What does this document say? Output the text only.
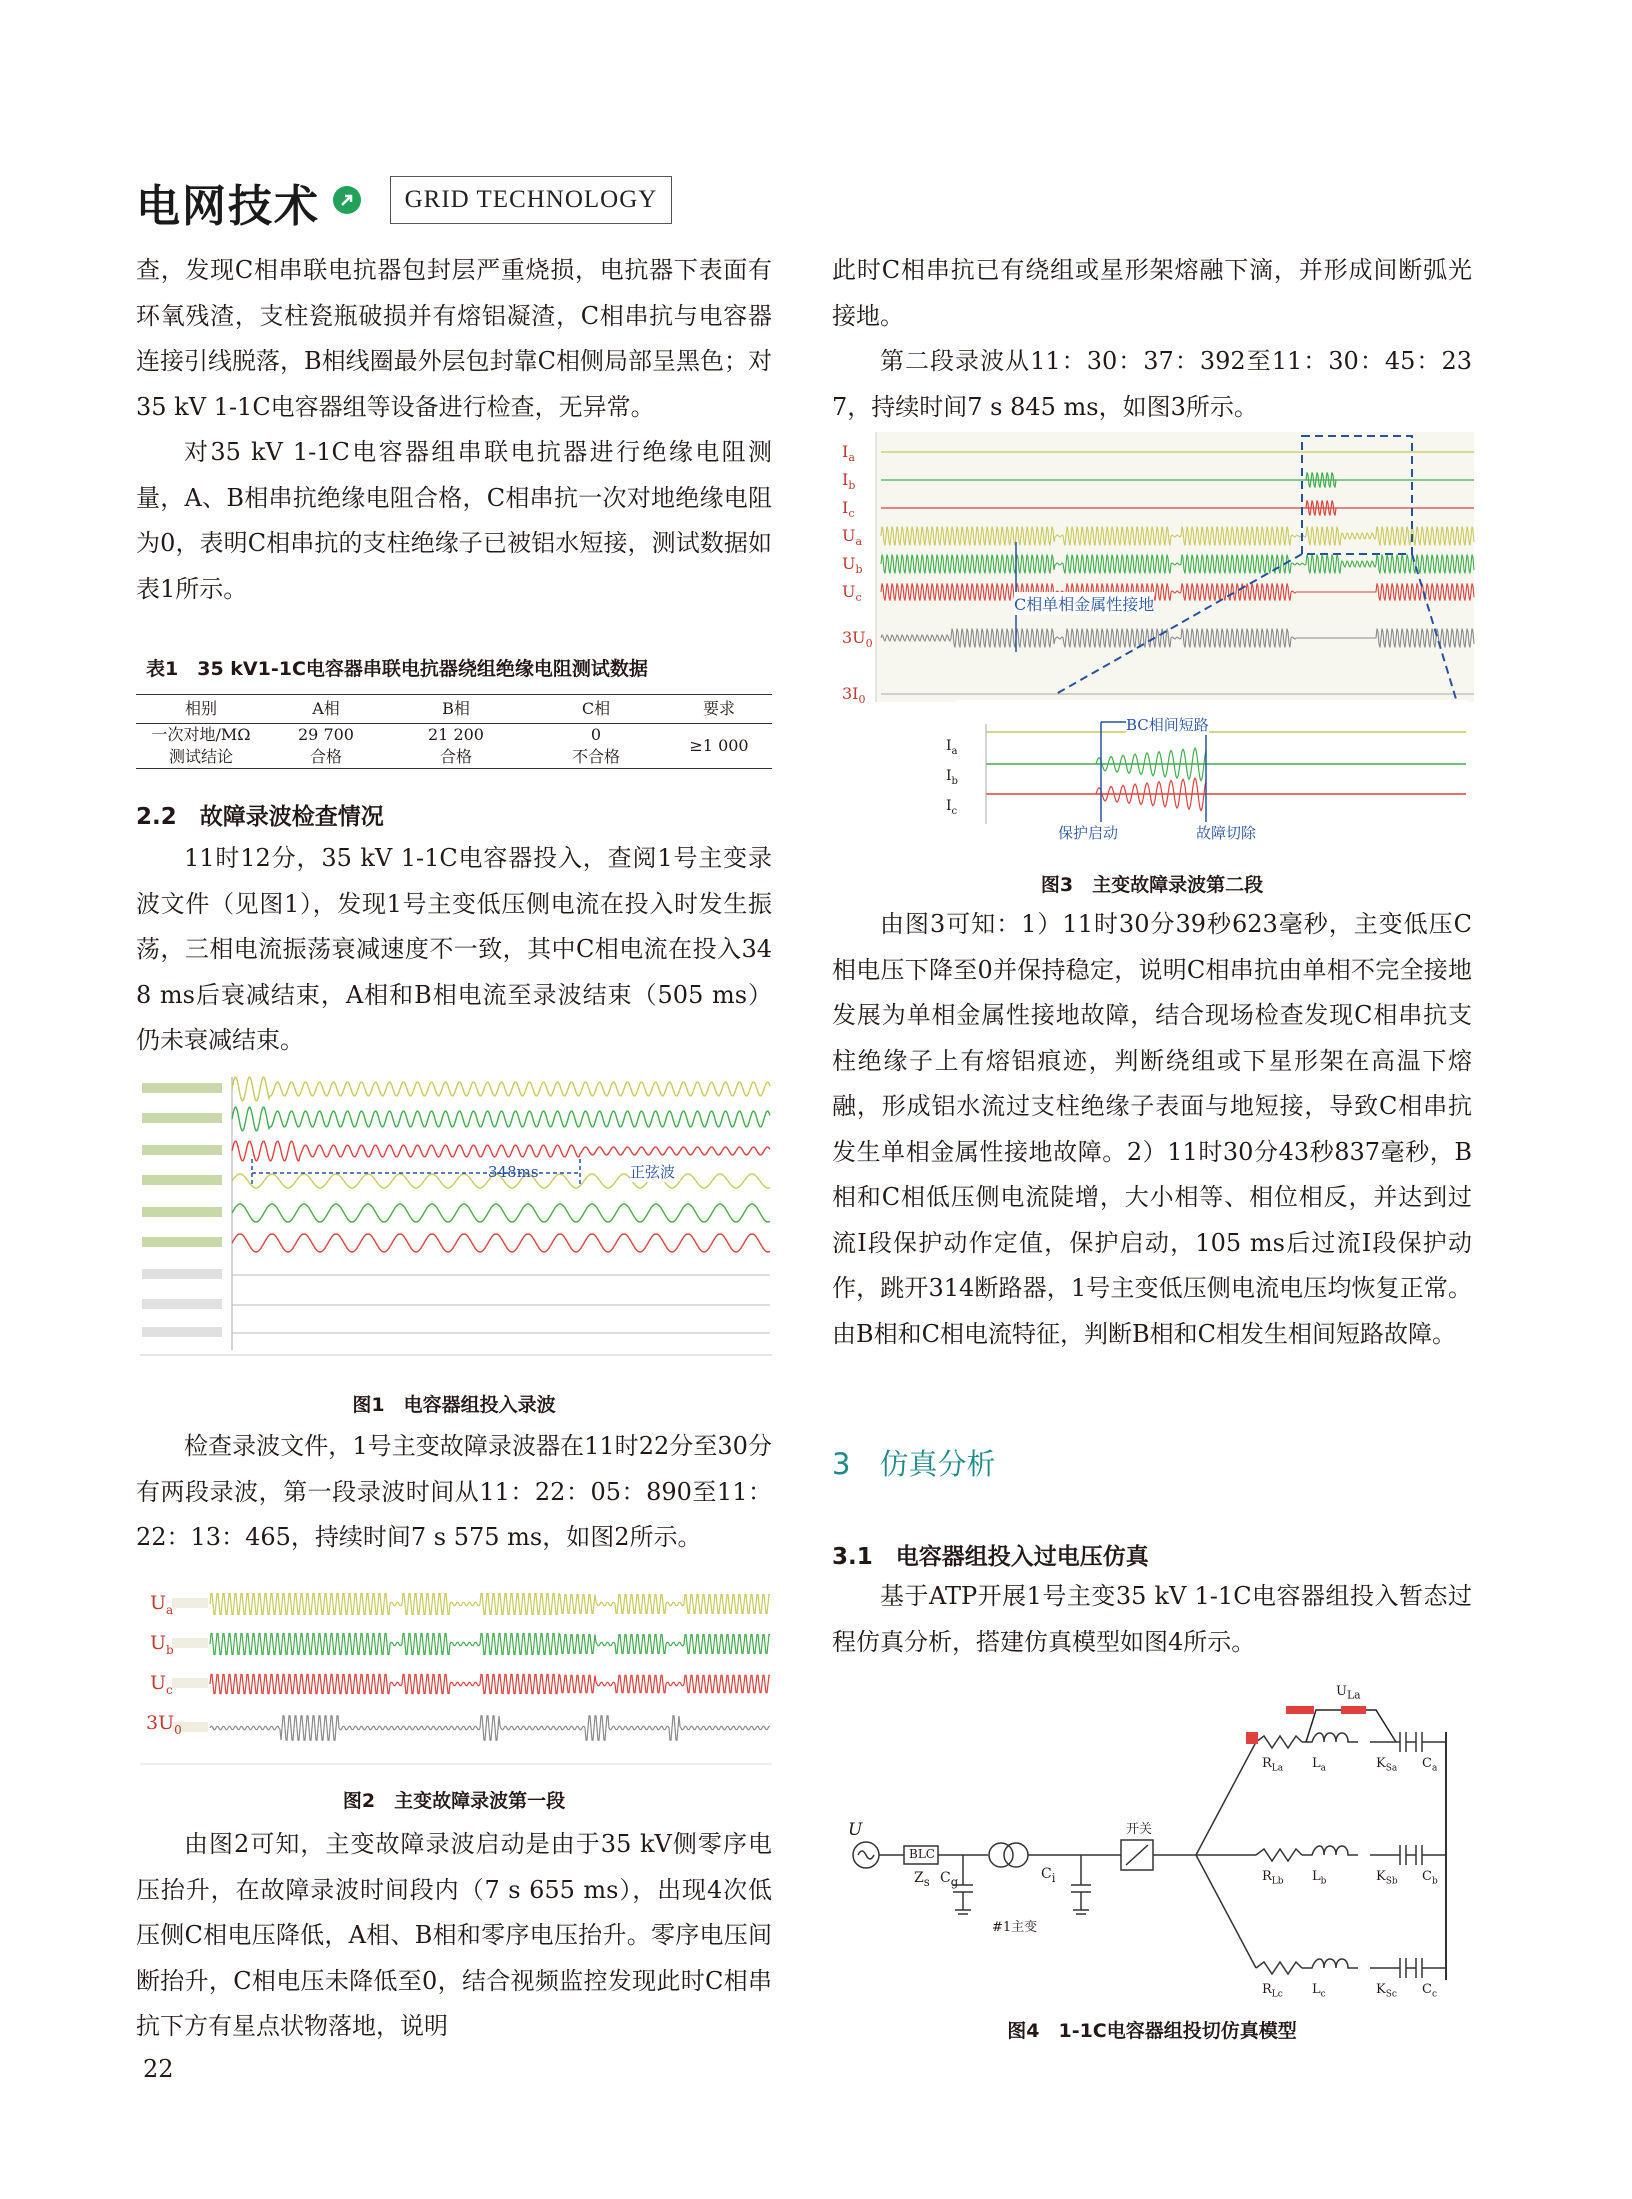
电网技术	GRID TECHNOLOGY

查，发现C相串联电抗器包封层严重烧损，电抗器下表面有环氧残渣，支柱瓷瓶破损并有熔铝凝渣，C相串抗与电容器连接引线脱落，B相线圈最外层包封靠C相侧局部呈黑色；对35 kV 1-1C电容器组等设备进行检查，无异常。

对35 kV 1-1C电容器组串联电抗器进行绝缘电阻测量，A、B相串抗绝缘电阻合格，C相串抗一次对地绝缘电阻为0，表明C相串抗的支柱绝缘子已被铝水短接，测试数据如表1所示。

表1　35 kV1-1C电容器串联电抗器绕组绝缘电阻测试数据
相别	A相	B相	C相	要求
一次对地/MΩ	29 700	21 200	0	≥1 000
测试结论	合格	合格	不合格	
2.2　故障录波检查情况

11时12分，35 kV 1-1C电容器投入，查阅1号主变录波文件（见图1），发现1号主变低压侧电流在投入时发生振荡，三相电流振荡衰减速度不一致，其中C相电流在投入348 ms后衰减结束，A相和B相电流至录波结束（505 ms）仍未衰减结束。

348ms	正弦波
图1　电容器组投入录波

检查录波文件，1号主变故障录波器在11时22分至30分有两段录波，第一段录波时间从11：22：05：890至11：22：13：465，持续时间7 s 575 ms，如图2所示。

$U_a$
$U_b$
$U_c$
$3U_0$
图2　主变故障录波第一段

由图2可知，主变故障录波启动是由于35 kV侧零序电压抬升，在故障录波时间段内（7 s 655 ms），出现4次低压侧C相电压降低，A相、B相和零序电压抬升。零序电压间断抬升，C相电压未降低至0，结合视频监控发现此时C相串抗下方有星点状物落地，说明

22

此时C相串抗已有绕组或星形架熔融下滴，并形成间断弧光接地。

第二段录波从11：30：37：392至11：30：45：237，持续时间7 s 845 ms，如图3所示。

$I_a$
$I_b$
$I_c$
$U_a$
$U_b$
$U_c$
$3U_0$
$3I_0$
$I_a$
$I_b$
$I_c$
C相单相金属性接地
BC相间短路
保护启动	故障切除
图3　主变故障录波第二段

由图3可知：1）11时30分39秒623毫秒，主变低压C相电压下降至0并保持稳定，说明C相串抗由单相不完全接地发展为单相金属性接地故障，结合现场检查发现C相串抗支柱绝缘子上有熔铝痕迹，判断绕组或下星形架在高温下熔融，形成铝水流过支柱绝缘子表面与地短接，导致C相串抗发生单相金属性接地故障。2）11时30分43秒837毫秒，B相和C相低压侧电流陡增，大小相等、相位相反，并达到过流I段保护动作定值，保护启动，105 ms后过流I段保护动作，跳开314断路器，1号主变低压侧电流电压均恢复正常。由B相和C相电流特征，判断B相和C相发生相间短路故障。

3　仿真分析
3.1　电容器组投入过电压仿真

基于ATP开展1号主变35 kV 1-1C电容器组投入暂态过程仿真分析，搭建仿真模型如图4所示。

U
BLC
$Z_s$ $C_g$	$C_i$
#1主变
开关
$U_{La}$
$R_{La}$ $L_a$	$K_{Sa}$ $C_a$
$R_{Lb}$ $L_b$	$K_{Sb}$ $C_b$
$R_{Lc}$ $L_c$	$K_{Sc}$ $C_c$
图4　1-1C电容器组投切仿真模型
